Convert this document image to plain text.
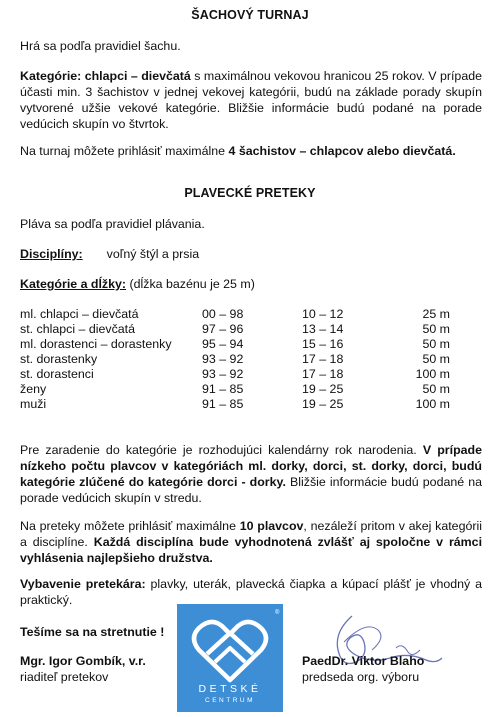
ŠACHOVÝ TURNAJ
Hrá sa podľa pravidiel šachu.
Kategórie: chlapci – dievčatá s maximálnou vekovou hranicou 25 rokov. V prípade účasti min. 3 šachistov v jednej vekovej kategórii, budú na základe porady skupín vytvorené užšie vekové kategórie. Bližšie informácie budú podané na porade vedúcich skupín vo štvrtok.
Na turnaj môžete prihlásiť maximálne 4 šachistov – chlapcov alebo dievčatá.
PLAVECKÉ PRETEKY
Pláva sa podľa pravidiel plávania.
Disciplíny: voľný štýl a prsia
Kategórie a dĺžky: (dĺžka bazénu je 25 m)
ml. chlapci – dievčatá	00 – 98	10 – 12	25 m
st. chlapci – dievčatá	97 – 96	13 – 14	50 m
ml. dorastenci – dorastenky 95 – 94	15 – 16	50 m
st. dorastenky	93 – 92	17 – 18	50 m
st. dorastenci	93 – 92	17 – 18	100 m
ženy	91 – 85	19 – 25	50 m
muži	91 – 85	19 – 25	100 m
Pre zaradenie do kategórie je rozhodujúci kalendárny rok narodenia. V prípade nízkeho počtu plavcov v kategóriách ml. dorky, dorci, st. dorky, dorci, budú kategórie zlúčené do kategórie dorci - dorky. Bližšie informácie budú podané na porade vedúcich skupín v stredu.
Na preteky môžete prihlásiť maximálne 10 plavcov, nezáleží pritom v akej kategórii a disciplíne. Každá disciplína bude vyhodnotená zvlášť aj spoločne v rámci vyhlásenia najlepšieho družstva.
Vybavenie pretekára: plavky, uterák, plavecká čiapka a kúpací plášť je vhodný a praktický.
Tešíme sa na stretnutie !
Mgr. Igor Gombík, v.r.
riaditeľ pretekov
®
DETSKÉ
CENTRUM
PaedDr. Viktor Blaho
predseda org. výboru
